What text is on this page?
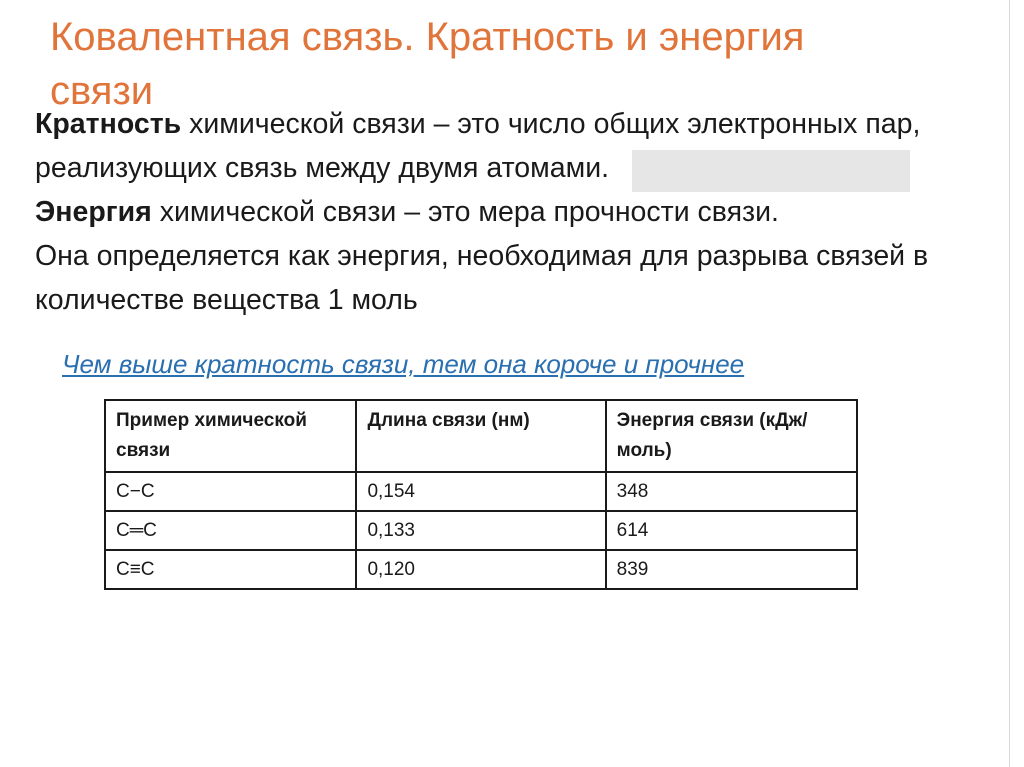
Ковалентная связь. Кратность и энергия
связи

Кратность химической связи – это число общих электронных пар, реализующих связь между двумя атомами.

Энергия химической связи – это мера прочности связи.

Она определяется как энергия, необходимая для разрыва связей в количестве вещества 1 моль

Чем выше кратность связи, тем она короче и прочнее
Пример химической связи	Длина связи (нм)	Энергия связи (кДж/моль)
C−C	0,154	348
C═C	0,133	614
C≡C	0,120	839
